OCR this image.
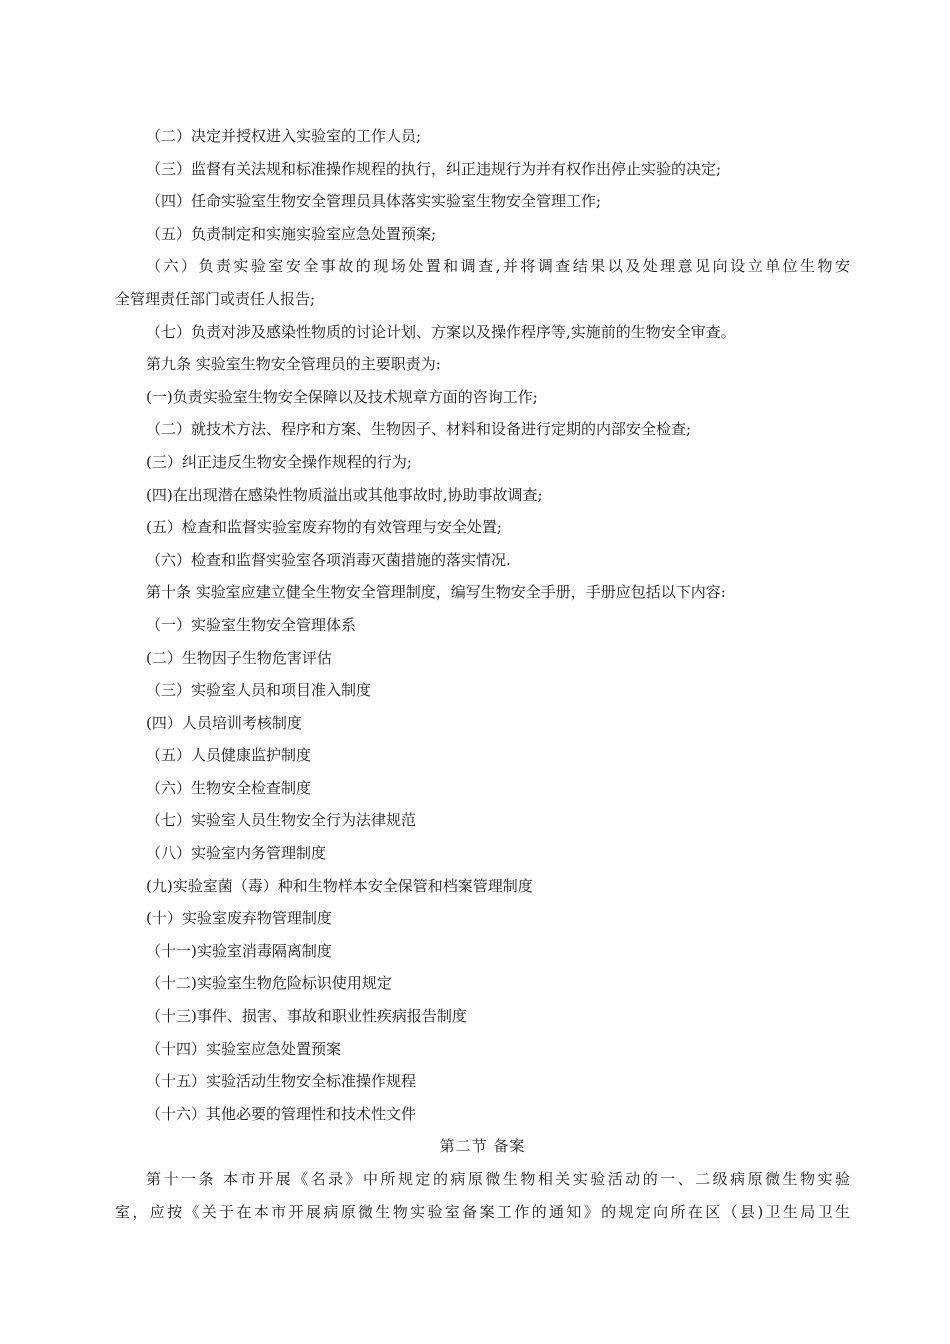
（二）决定并授权进入实验室的工作人员;
（三）监督有关法规和标准操作规程的执行，纠正违规行为并有权作出停止实验的决定;
（四）任命实验室生物安全管理员具体落实实验室生物安全管理工作;
（五）负责制定和实施实验室应急处置预案;
（六）负责实验室安全事故的现场处置和调查,并将调查结果以及处理意见向设立单位生物安
全管理责任部门或责任人报告;
（七）负责对涉及感染性物质的讨论计划、方案以及操作程序等,实施前的生物安全审查。
第九条 实验室生物安全管理员的主要职责为:
(一)负责实验室生物安全保障以及技术规章方面的咨询工作;
（二）就技术方法、程序和方案、生物因子、材料和设备进行定期的内部安全检查;
(三）纠正违反生物安全操作规程的行为;
(四)在出现潜在感染性物质溢出或其他事故时,协助事故调查;
(五）检查和监督实验室废弃物的有效管理与安全处置;
（六）检查和监督实验室各项消毒灭菌措施的落实情况.
第十条 实验室应建立健全生物安全管理制度，编写生物安全手册，手册应包括以下内容:
（一）实验室生物安全管理体系
(二）生物因子生物危害评估
（三）实验室人员和项目准入制度
(四）人员培训考核制度
（五）人员健康监护制度
（六）生物安全检查制度
（七）实验室人员生物安全行为法律规范
（八）实验室内务管理制度
(九)实验室菌（毒）种和生物样本安全保管和档案管理制度
(十）实验室废弃物管理制度
（十一)实验室消毒隔离制度
（十二)实验室生物危险标识使用规定
（十三)事件、损害、事故和职业性疾病报告制度
（十四）实验室应急处置预案
（十五）实验活动生物安全标准操作规程
（十六）其他必要的管理性和技术性文件
第二节 备案
第十一条 本市开展《名录》中所规定的病原微生物相关实验活动的一、二级病原微生物实验
室，应按《关于在本市开展病原微生物实验室备案工作的通知》的规定向所在区（县)卫生局卫生
